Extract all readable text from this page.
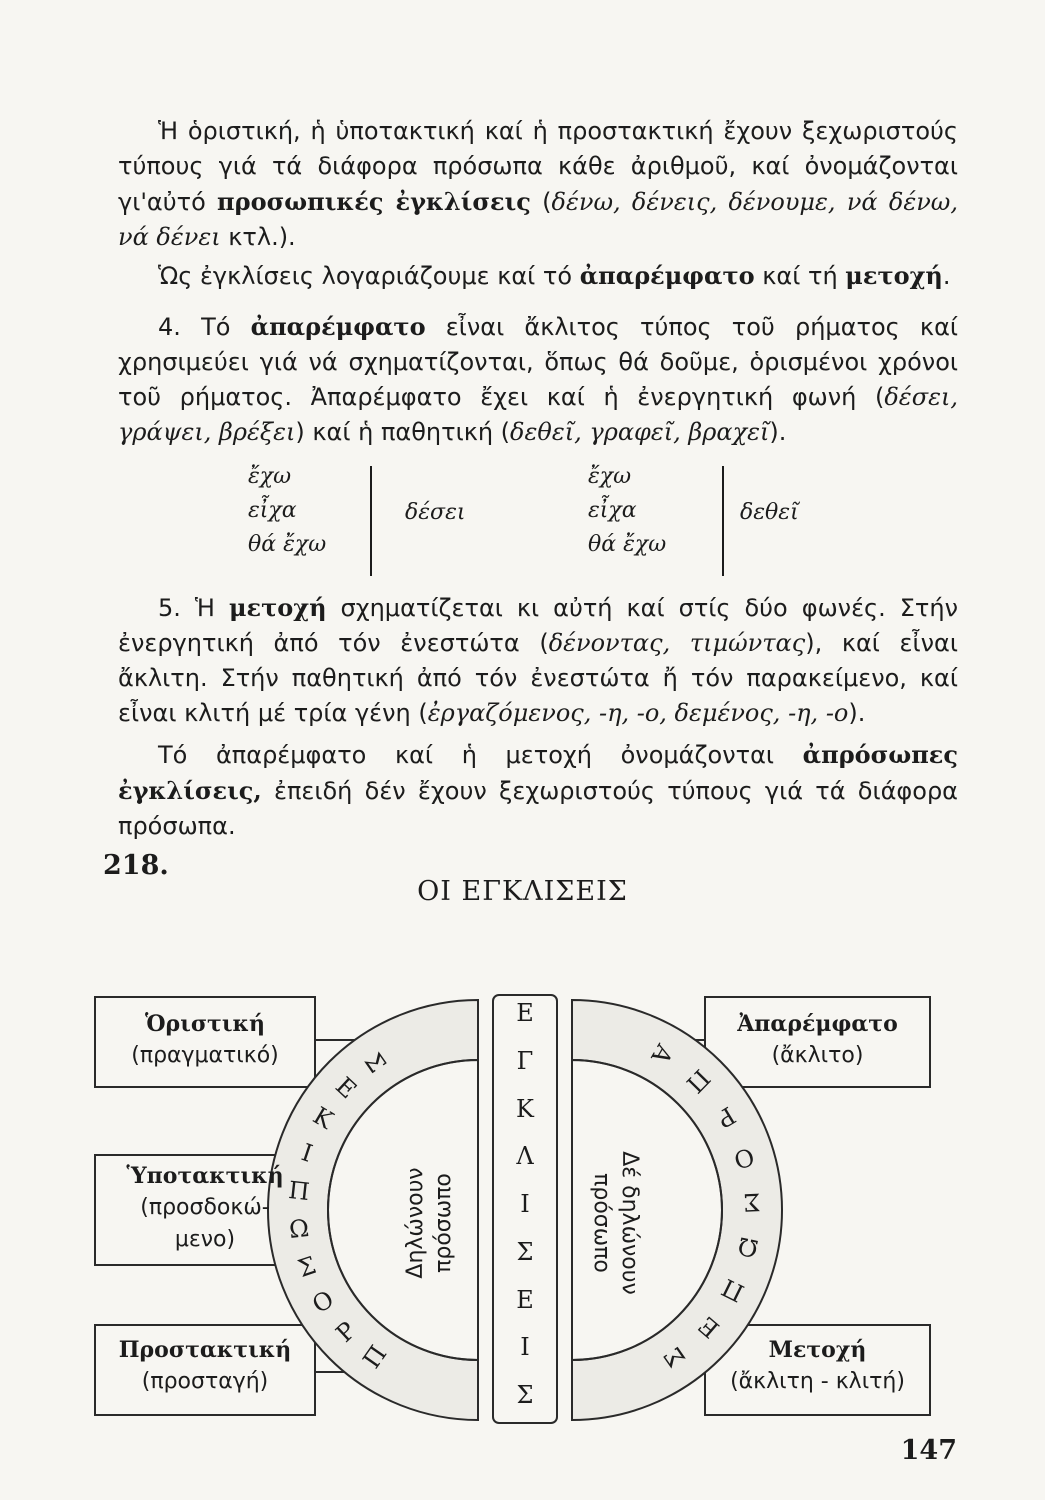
Ἡ ὁριστική, ἡ ὑποτακτική καί ἡ προστακτική ἔχουν ξεχωριστούς τύπους γιά τά διάφορα πρόσωπα κάθε ἀριθμοῦ, καί ὀνομάζονται γι'αὐτό προσωπικές ἐγκλίσεις (δένω, δένεις, δένουμε, νά δένω, νά δένει κτλ.).

Ὡς ἐγκλίσεις λογαριάζουμε καί τό ἀπαρέμφατο καί τή μετοχή.

4. Τό ἀπαρέμφατο εἶναι ἄκλιτος τύπος τοῦ ρήματος καί χρησιμεύει γιά νά σχηματίζονται, ὅπως θά δοῦμε, ὁρισμένοι χρόνοι τοῦ ρήματος. Ἀπαρέμφατο ἔχει καί ἡ ἐνεργητική φωνή (δέσει, γράψει, βρέξει) καί ἡ παθητική (δεθεῖ, γραφεῖ, βραχεῖ).

ἔχω
εἶχα
θά ἔχω
δέσει
ἔχω
εἶχα
θά ἔχω
δεθεῖ

5. Ἡ μετοχή σχηματίζεται κι αὐτή καί στίς δύο φωνές. Στήν ἐνεργητική ἀπό τόν ἐνεστώτα (δένοντας, τιμώντας), καί εἶναι ἄκλιτη. Στήν παθητική ἀπό τόν ἐνεστώτα ἤ τόν παρακείμενο, καί εἶναι κλιτή μέ τρία γένη (ἐργαζόμενος, -η, -ο, δεμένος, -η, -ο).

Τό ἀπαρέμφατο καί ἡ μετοχή ὀνομάζονται ἀπρόσωπες ἐγκλίσεις, ἐπειδή δέν ἔχουν ξεχωριστούς τύπους γιά τά διάφορα πρόσωπα.

218.
ΟΙ ΕΓΚΛΙΣΕΙΣ
Ὁριστική
(πραγματικό)
Ὑποτακτική
(προσδοκώ-
μενο)
Προστακτική
(προσταγή)
Ἀπαρέμφατο
(ἄκλιτο)
Μετοχή
(ἄκλιτη - κλιτή)
Π
Ρ
Ο
Σ
Ω
Π
Ι
Κ
Ε
Σ	Α
Π
Ρ
Ο
Σ
Ω
Π
Ε
Σ
Ε
Γ
Κ
Λ
Ι
Σ
Ε
Ι
Σ
Δηλώνουν πρόσωπο	Δέ δηλώνουν
πρόσωπο
147
